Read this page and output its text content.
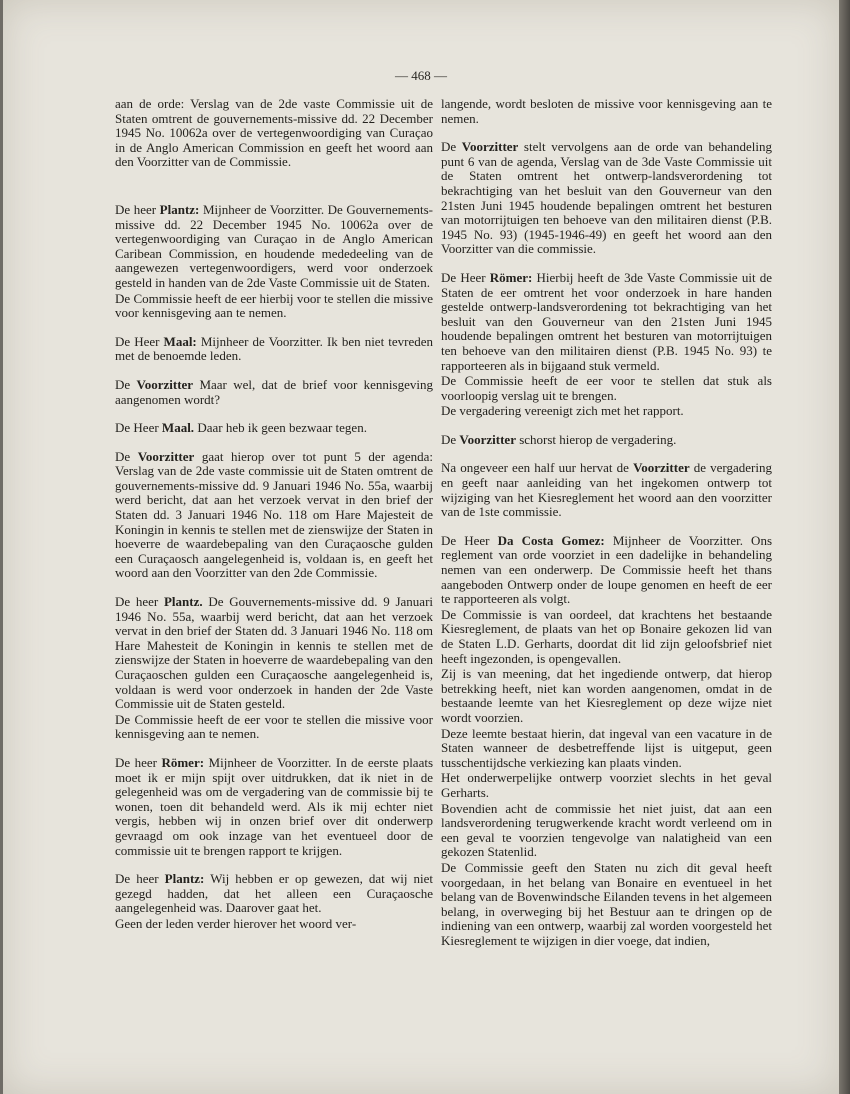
— 468 —

aan de orde: Verslag van de 2de vaste Commissie uit de Staten omtrent de gouvernements-missive dd. 22 December 1945 No. 10062a over de vertegenwoordiging van Curaçao in de Anglo American Commission en geeft het woord aan den Voorzitter van de Commissie.

De heer Plantz: Mijnheer de Voorzitter. De Gouvernements-missive dd. 22 December 1945 No. 10062a over de vertegenwoordiging van Curaçao in de Anglo American Caribean Commission, en houdende mededeeling van de aangewezen vertegenwoordigers, werd voor onderzoek gesteld in handen van de 2de Vaste Commissie uit de Staten.

De Commissie heeft de eer hierbij voor te stellen die missive voor kennisgeving aan te nemen.

De Heer Maal: Mijnheer de Voorzitter. Ik ben niet tevreden met de benoemde leden.

De Voorzitter Maar wel, dat de brief voor kennisgeving aangenomen wordt?

De Heer Maal. Daar heb ik geen bezwaar tegen.

De Voorzitter gaat hierop over tot punt 5 der agenda: Verslag van de 2de vaste commissie uit de Staten omtrent de gouvernements-missive dd. 9 Januari 1946 No. 55a, waarbij werd bericht, dat aan het verzoek vervat in den brief der Staten dd. 3 Januari 1946 No. 118 om Hare Majesteit de Koningin in kennis te stellen met de zienswijze der Staten in hoeverre de waardebepaling van den Curaçaosche gulden een Curaçaosch aangelegenheid is, voldaan is, en geeft het woord aan den Voorzitter van den 2de Commissie.

De heer Plantz. De Gouvernements-missive dd. 9 Januari 1946 No. 55a, waarbij werd bericht, dat aan het verzoek vervat in den brief der Staten dd. 3 Januari 1946 No. 118 om Hare Mahesteit de Koningin in kennis te stellen met de zienswijze der Staten in hoeverre de waardebepaling van den Curaçaoschen gulden een Curaçaosche aangelegenheid is, voldaan is werd voor onderzoek in handen der 2de Vaste Commissie uit de Staten gesteld.

De Commissie heeft de eer voor te stellen die missive voor kennisgeving aan te nemen.

De heer Römer: Mijnheer de Voorzitter. In de eerste plaats moet ik er mijn spijt over uitdrukken, dat ik niet in de gelegenheid was om de vergadering van de commissie bij te wonen, toen dit behandeld werd. Als ik mij echter niet vergis, hebben wij in onzen brief over dit onderwerp gevraagd om ook inzage van het eventueel door de commissie uit te brengen rapport te krijgen.

De heer Plantz: Wij hebben er op gewezen, dat wij niet gezegd hadden, dat het alleen een Curaçaosche aangelegenheid was. Daarover gaat het.

Geen der leden verder hierover het woord ver-

langende, wordt besloten de missive voor kennisgeving aan te nemen.

De Voorzitter stelt vervolgens aan de orde van behandeling punt 6 van de agenda, Verslag van de 3de Vaste Commissie uit de Staten omtrent het ontwerp-landsverordening tot bekrachtiging van het besluit van den Gouverneur van den 21sten Juni 1945 houdende bepalingen omtrent het besturen van motorrijtuigen ten behoeve van den militairen dienst (P.B. 1945 No. 93) (1945-1946-49) en geeft het woord aan den Voorzitter van die commissie.

De Heer Römer: Hierbij heeft de 3de Vaste Commissie uit de Staten de eer omtrent het voor onderzoek in hare handen gestelde ontwerp-landsverordening tot bekrachtiging van het besluit van den Gouverneur van den 21sten Juni 1945 houdende bepalingen omtrent het besturen van motorrijtuigen ten behoeve van den militairen dienst (P.B. 1945 No. 93) te rapporteeren als in bijgaand stuk vermeld.

De Commissie heeft de eer voor te stellen dat stuk als voorloopig verslag uit te brengen.

De vergadering vereenigt zich met het rapport.

De Voorzitter schorst hierop de vergadering.

Na ongeveer een half uur hervat de Voorzitter de vergadering en geeft naar aanleiding van het ingekomen ontwerp tot wijziging van het Kiesreglement het woord aan den voorzitter van de 1ste commissie.

De Heer Da Costa Gomez: Mijnheer de Voorzitter. Ons reglement van orde voorziet in een dadelijke in behandeling nemen van een onderwerp. De Commissie heeft het thans aangeboden Ontwerp onder de loupe genomen en heeft de eer te rapporteeren als volgt.

De Commissie is van oordeel, dat krachtens het bestaande Kiesreglement, de plaats van het op Bonaire gekozen lid van de Staten L.D. Gerharts, doordat dit lid zijn geloofsbrief niet heeft ingezonden, is opengevallen.

Zij is van meening, dat het ingediende ontwerp, dat hierop betrekking heeft, niet kan worden aangenomen, omdat in de bestaande leemte van het Kiesreglement op deze wijze niet wordt voorzien.

Deze leemte bestaat hierin, dat ingeval van een vacature in de Staten wanneer de desbetreffende lijst is uitgeput, geen tusschentijdsche verkiezing kan plaats vinden.

Het onderwerpelijke ontwerp voorziet slechts in het geval Gerharts.

Bovendien acht de commissie het niet juist, dat aan een landsverordening terugwerkende kracht wordt verleend om in een geval te voorzien tengevolge van nalatigheid van een gekozen Statenlid.

De Commissie geeft den Staten nu zich dit geval heeft voorgedaan, in het belang van Bonaire en eventueel in het belang van de Bovenwindsche Eilanden tevens in het algemeen belang, in overweging bij het Bestuur aan te dringen op de indiening van een ontwerp, waarbij zal worden voorgesteld het Kiesreglement te wijzigen in dier voege, dat indien,
